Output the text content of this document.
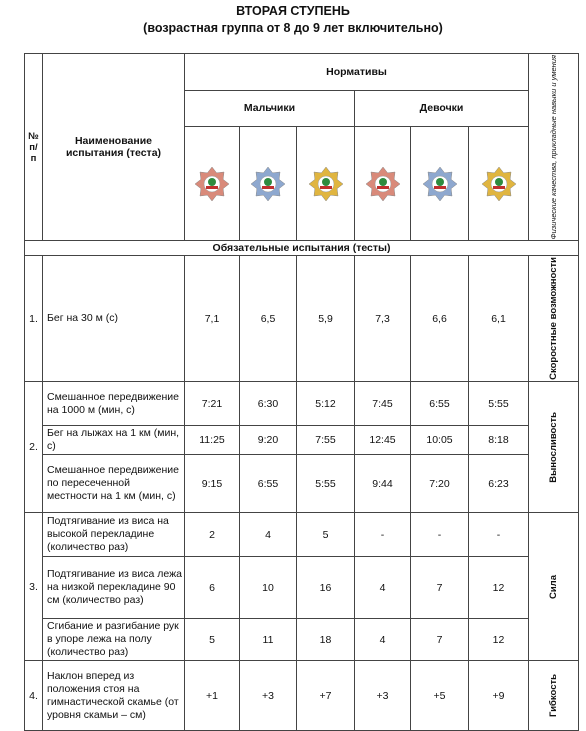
ВТОРАЯ СТУПЕНЬ
(возрастная группа от 8 до 9 лет включительно)
№ п/п	Наименование испытания (теста)	Нормативы						Физические качества, прикладные навыки и умения

		Мальчики			Девочки			

Обязательные испытания (тесты)								
1.	Бег на 30 м (с)	7,1	6,5	5,9	7,3	6,6	6,1	Скоростные возможности

2.	Смешанное передвижение на 1000 м (мин, с)	7:21	6:30	5:12	7:45	6:55	5:55	Выносливость

	Бег на лыжах на 1 км (мин, с)	11:25	9:20	7:55	12:45	10:05	8:18	
	Смешанное передвижение по пересеченной местности на 1 км (мин, с)	9:15	6:55	5:55	9:44	7:20	6:23	
3.	Подтягивание из виса на высокой перекладине (количество раз)	2	4	5	-	-	-	Сила

	Подтягивание из виса лежа на низкой перекладине 90 см (количество раз)	6	10	16	4	7	12	
	Сгибание и разгибание рук в упоре лежа на полу (количество раз)	5	11	18	4	7	12	
4.	Наклон вперед из положения стоя на гимнастической скамье (от уровня скамьи – см)	+1	+3	+7	+3	+5	+9	Гибкость
